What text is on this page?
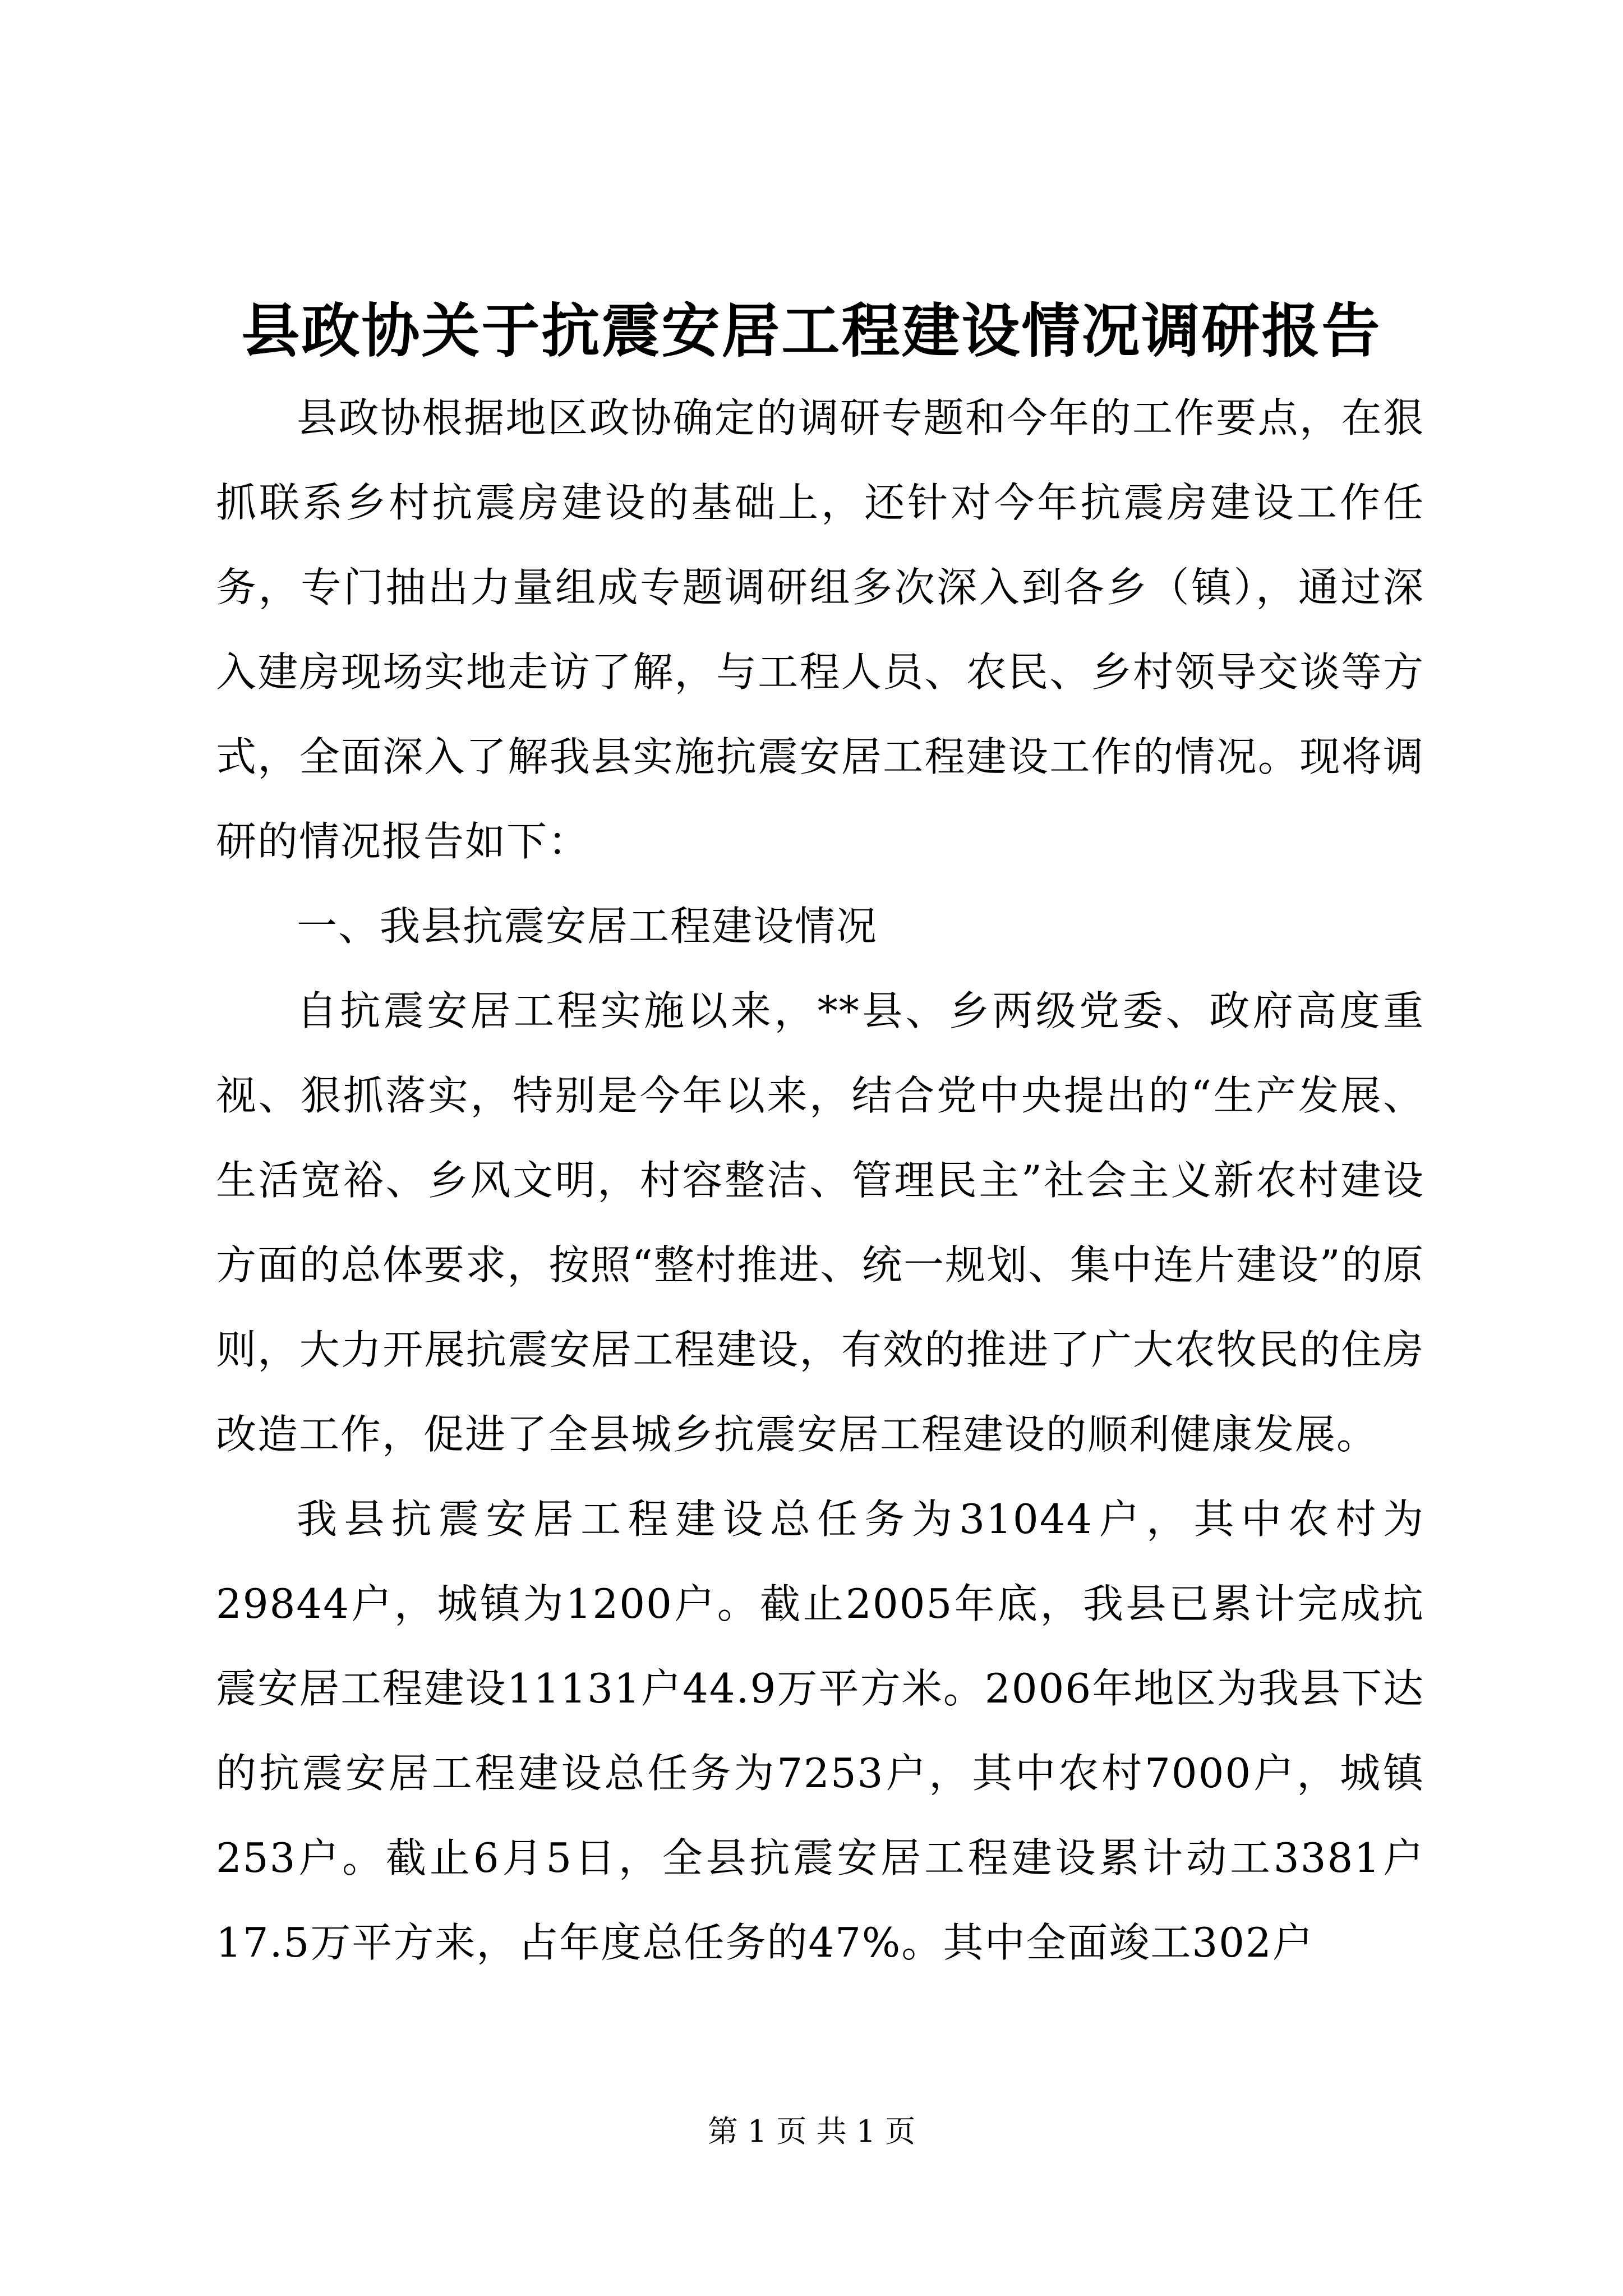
县政协关于抗震安居工程建设情况调研报告

县政协根据地区政协确定的调研专题和今年的工作要点，在狠抓联系乡村抗震房建设的基础上，还针对今年抗震房建设工作任务，专门抽出力量组成专题调研组多次深入到各乡（镇），通过深入建房现场实地走访了解，与工程人员、农民、乡村领导交谈等方式，全面深入了解我县实施抗震安居工程建设工作的情况。现将调研的情况报告如下：

一、我县抗震安居工程建设情况

自抗震安居工程实施以来，**县、乡两级党委、政府高度重视、狠抓落实，特别是今年以来，结合党中央提出的“生产发展、生活宽裕、乡风文明，村容整洁、管理民主”社会主义新农村建设方面的总体要求，按照“整村推进、统一规划、集中连片建设”的原则，大力开展抗震安居工程建设，有效的推进了广大农牧民的住房改造工作，促进了全县城乡抗震安居工程建设的顺利健康发展。

我县抗震安居工程建设总任务为31044户，其中农村为29844户，城镇为1200户。截止2005年底，我县已累计完成抗震安居工程建设11131户44.9万平方米。2006年地区为我县下达的抗震安居工程建设总任务为7253户，其中农村7000户，城镇253户。截止6月5日，全县抗震安居工程建设累计动工3381户17.5万平方来，占年度总任务的47%。其中全面竣工302户

第 1 页 共 1 页
